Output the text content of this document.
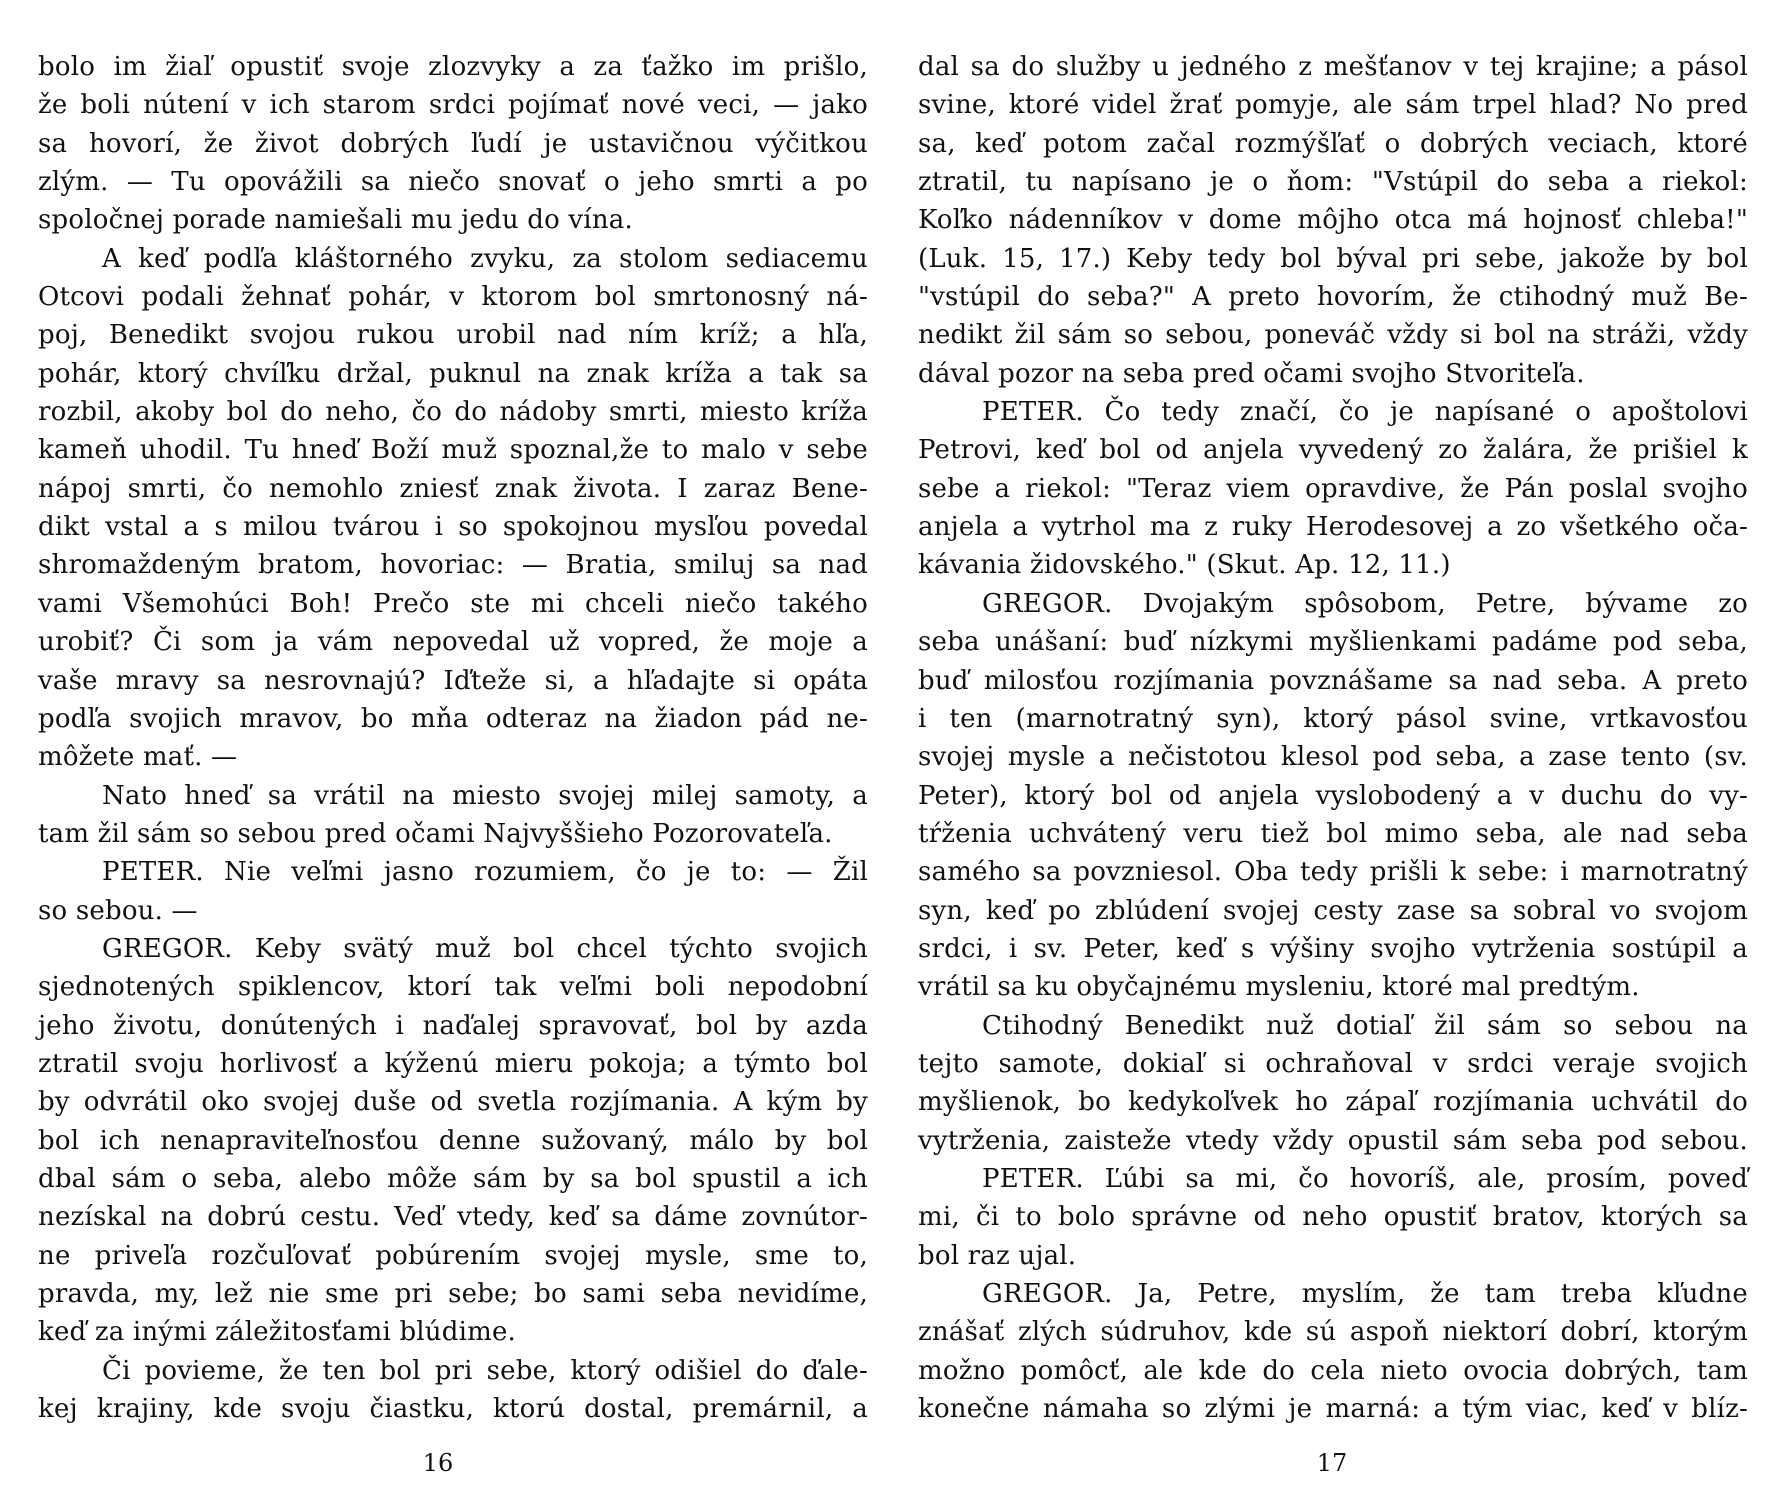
bolo im žiaľ opustiť svoje zlozvyky a za ťažko im prišlo,
že boli nútení v ich starom srdci pojímať nové veci, — jako
sa hovorí, že život dobrých ľudí je ustavičnou výčitkou
zlým. — Tu opovážili sa niečo snovať o jeho smrti a po
spoločnej porade namiešali mu jedu do vína.
A keď podľa kláštorného zvyku, za stolom sediacemu
Otcovi podali žehnať pohár, v ktorom bol smrtonosný ná-
poj, Benedikt svojou rukou urobil nad ním kríž; a hľa,
pohár, ktorý chvíľku držal, puknul na znak kríža a tak sa
rozbil, akoby bol do neho, čo do nádoby smrti, miesto kríža
kameň uhodil. Tu hneď Boží muž spoznal,že to malo v sebe
nápoj smrti, čo nemohlo zniesť znak života. I zaraz Bene-
dikt vstal a s milou tvárou i so spokojnou mysľou povedal
shromaždeným bratom, hovoriac: — Bratia, smiluj sa nad
vami Všemohúci Boh! Prečo ste mi chceli niečo takého
urobiť? Či som ja vám nepovedal už vopred, že moje a
vaše mravy sa nesrovnajú? Iďteže si, a hľadajte si opáta
podľa svojich mravov, bo mňa odteraz na žiadon pád ne-
môžete mať. —
Nato hneď sa vrátil na miesto svojej milej samoty, a
tam žil sám so sebou pred očami Najvyššieho Pozorovateľa.
PETER. Nie veľmi jasno rozumiem, čo je to: — Žil
so sebou. —
GREGOR. Keby svätý muž bol chcel týchto svojich
sjednotených spiklencov, ktorí tak veľmi boli nepodobní
jeho životu, donútených i naďalej spravovať, bol by azda
ztratil svoju horlivosť a kýženú mieru pokoja; a týmto bol
by odvrátil oko svojej duše od svetla rozjímania. A kým by
bol ich nenapraviteľnosťou denne sužovaný, málo by bol
dbal sám o seba, alebo môže sám by sa bol spustil a ich
nezískal na dobrú cestu. Veď vtedy, keď sa dáme zovnútor-
ne priveľa rozčuľovať pobúrením svojej mysle, sme to,
pravda, my, lež nie sme pri sebe; bo sami seba nevidíme,
keď za inými záležitosťami blúdime.
Či povieme, že ten bol pri sebe, ktorý odišiel do ďale-
kej krajiny, kde svoju čiastku, ktorú dostal, premárnil, a
16
dal sa do služby u jedného z mešťanov v tej krajine; a pásol
svine, ktoré videl žrať pomyje, ale sám trpel hlad? No pred
sa, keď potom začal rozmýšľať o dobrých veciach, ktoré
ztratil, tu napísano je o ňom: "Vstúpil do seba a riekol:
Koľko nádenníkov v dome môjho otca má hojnosť chleba!"
(Luk. 15, 17.) Keby tedy bol býval pri sebe, jakože by bol
"vstúpil do seba?" A preto hovorím, že ctihodný muž Be-
nedikt žil sám so sebou, poneváč vždy si bol na stráži, vždy
dával pozor na seba pred očami svojho Stvoriteľa.
PETER. Čo tedy značí, čo je napísané o apoštolovi
Petrovi, keď bol od anjela vyvedený zo žalára, že prišiel k
sebe a riekol: "Teraz viem opravdive, že Pán poslal svojho
anjela a vytrhol ma z ruky Herodesovej a zo všetkého oča-
kávania židovského." (Skut. Ap. 12, 11.)
GREGOR. Dvojakým spôsobom, Petre, bývame zo
seba unášaní: buď nízkymi myšlienkami padáme pod seba,
buď milosťou rozjímania povznášame sa nad seba. A preto
i ten (marnotratný syn), ktorý pásol svine, vrtkavosťou
svojej mysle a nečistotou klesol pod seba, a zase tento (sv.
Peter), ktorý bol od anjela vyslobodený a v duchu do vy-
tŕženia uchvátený veru tiež bol mimo seba, ale nad seba
samého sa povzniesol. Oba tedy prišli k sebe: i marnotratný
syn, keď po zblúdení svojej cesty zase sa sobral vo svojom
srdci, i sv. Peter, keď s výšiny svojho vytrženia sostúpil a
vrátil sa ku obyčajnému mysleniu, ktoré mal predtým.
Ctihodný Benedikt nuž dotiaľ žil sám so sebou na
tejto samote, dokiaľ si ochraňoval v srdci veraje svojich
myšlienok, bo kedykoľvek ho zápaľ rozjímania uchvátil do
vytrženia, zaisteže vtedy vždy opustil sám seba pod sebou.
PETER. Ľúbi sa mi, čo hovoríš, ale, prosím, poveď
mi, či to bolo správne od neho opustiť bratov, ktorých sa
bol raz ujal.
GREGOR. Ja, Petre, myslím, že tam treba kľudne
znášať zlých súdruhov, kde sú aspoň niektorí dobrí, ktorým
možno pomôcť, ale kde do cela nieto ovocia dobrých, tam
konečne námaha so zlými je marná: a tým viac, keď v blíz-
17
